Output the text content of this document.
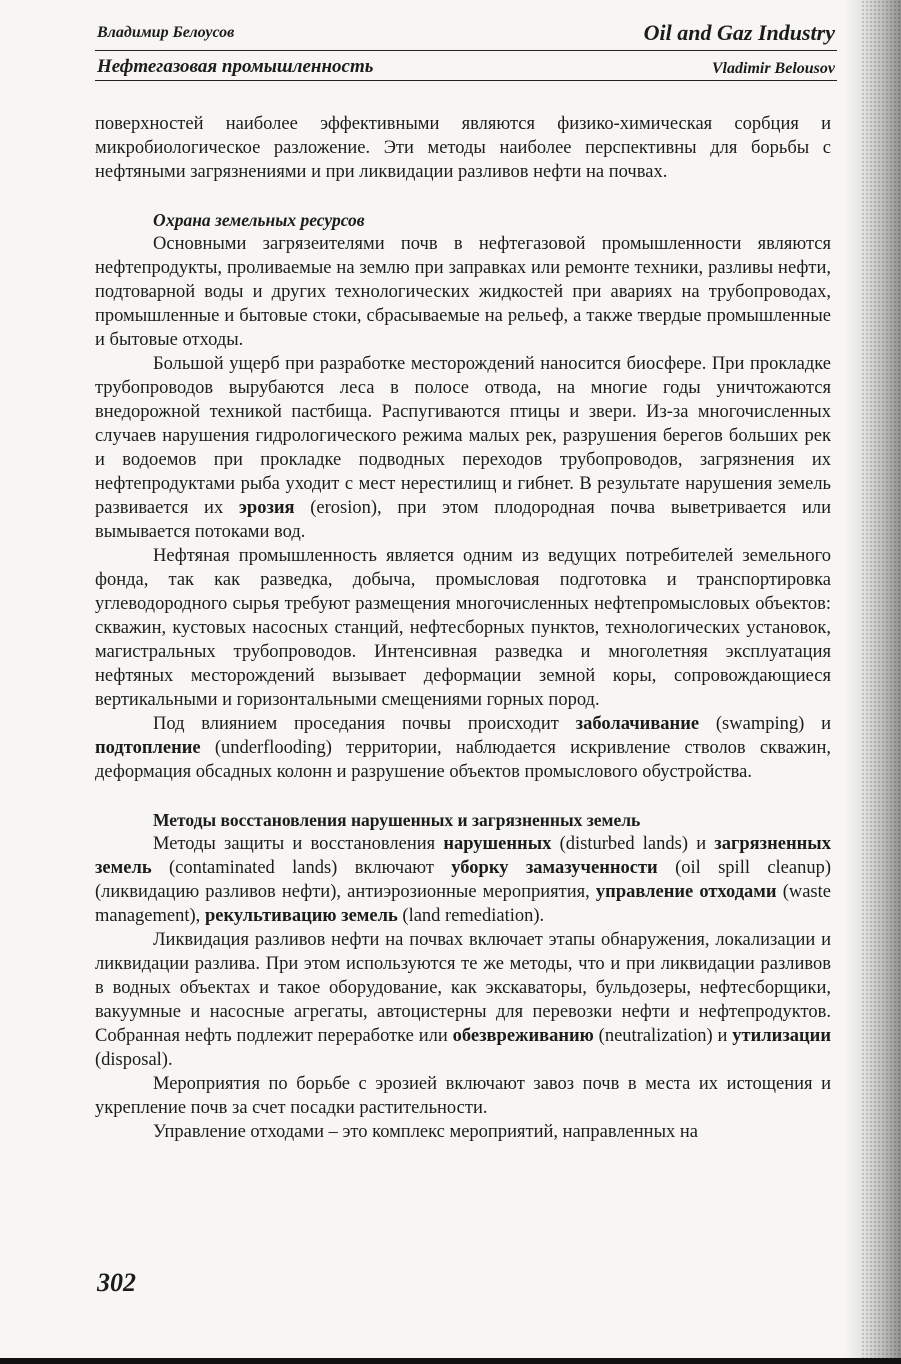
Владимир Белоусов	Oil and Gaz Industry
Нефтегазовая промышленность	Vladimir Belousov

поверхностей наиболее эффективными являются физико-химическая сорбция и микробиологическое разложение. Эти методы наиболее перспективны для борьбы с нефтяными загрязнениями и при ликвидации разливов нефти на почвах.

Охрана земельных ресурсов

Основными загрязеителями почв в нефтегазовой промышленности являются нефтепродукты, проливаемые на землю при заправках или ремонте техники, разливы нефти, подтоварной воды и других технологических жидкостей при авариях на трубопроводах, промышленные и бытовые стоки, сбрасываемые на рельеф, а также твердые промышленные и бытовые отходы.

Большой ущерб при разработке месторождений наносится биосфере. При прокладке трубопроводов вырубаются леса в полосе отвода, на многие годы уничтожаются внедорожной техникой пастбища. Распугиваются птицы и звери. Из-за многочисленных случаев нарушения гидрологического режима малых рек, разрушения берегов больших рек и водоемов при прокладке подводных переходов трубопроводов, загрязнения их нефтепродуктами рыба уходит с мест нерестилищ и гибнет. В результате нарушения земель развивается их эрозия (erosion), при этом плодородная почва выветривается или вымывается потоками вод.

Нефтяная промышленность является одним из ведущих потребителей земельного фонда, так как разведка, добыча, промысловая подготовка и транспортировка углеводородного сырья требуют размещения многочисленных нефтепромысловых объектов: скважин, кустовых насосных станций, нефтесборных пунктов, технологических установок, магистральных трубопроводов. Интенсивная разведка и многолетняя эксплуатация нефтяных месторождений вызывает деформации земной коры, сопровождающиеся вертикальными и горизонтальными смещениями горных пород.

Под влиянием проседания почвы происходит заболачивание (swamping) и подтопление (underflooding) территории, наблюдается искривление стволов скважин, деформация обсадных колонн и разрушение объектов промыслового обустройства.

Методы восстановления нарушенных и загрязненных земель

Методы защиты и восстановления нарушенных (disturbed lands) и загрязненных земель (contaminated lands) включают уборку замазученности (oil spill cleanup) (ликвидацию разливов нефти), антиэрозионные мероприятия, управление отходами (waste management), рекультивацию земель (land remediation).

Ликвидация разливов нефти на почвах включает этапы обнаружения, локализации и ликвидации разлива. При этом используются те же методы, что и при ликвидации разливов в водных объектах и такое оборудование, как экскаваторы, бульдозеры, нефтесборщики, вакуумные и насосные агрегаты, автоцистерны для перевозки нефти и нефтепродуктов. Собранная нефть подлежит переработке или обезвреживанию (neutralization) и утилизации (disposal).

Мероприятия по борьбе с эрозией включают завоз почв в места их истощения и укрепление почв за счет посадки растительности.

Управление отходами – это комплекс мероприятий, направленных на

302
